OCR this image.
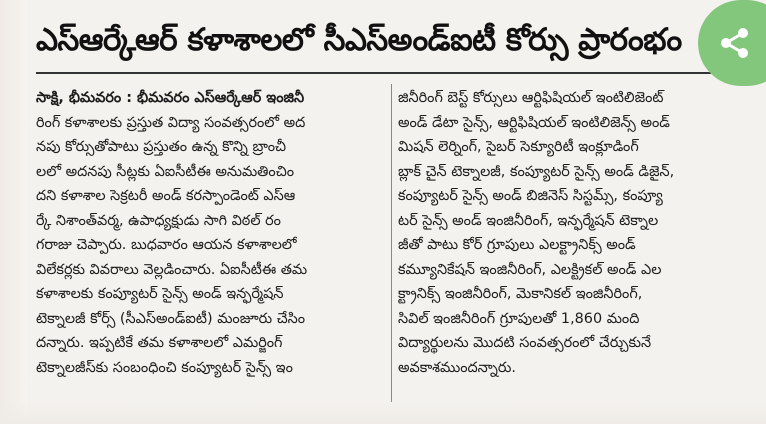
ఎస్ఆర్కేఆర్ కళాశాలలో సీఎస్అండ్ఐటీ కోర్సు ప్రారంభం
సాక్షి, భీమవరం : భీమవరం ఎస్ఆర్కేఆర్ ఇంజినీ
రింగ్ కళాశాలకు ప్రస్తుత విద్యా సంవత్సరంలో అద
నపు కోర్సుతోపాటు ప్రస్తుతం ఉన్న కొన్ని బ్రాంచీ
లలో అదనపు సీట్లకు ఏఐసీటీఈ అనుమతించిం
దని కళాశాల సెక్రటరీ అండ్ కరస్పాండెంట్ ఎస్ఆ
ర్కే నిశాంత్‌వర్మ, ఉపాధ్యక్షుడు సాగి విఠల్ రం
గరాజు చెప్పారు. బుధవారం ఆయన కళాశాలలో
విలేకర్లకు వివరాలు వెల్లడించారు. ఏఐసీటీఈ తమ
కళాశాలకు కంప్యూటర్ సైన్స్ అండ్ ఇన్ఫర్మేషన్
టెక్నాలజీ కోర్స్ (సీఎస్‌అండ్‌ఐటీ) మంజూరు చేసిం
దన్నారు. ఇప్పటికే తమ కళాశాలలో ఎమర్జింగ్
టెక్నాలజీస్‌కు సంబంధించి కంప్యూటర్ సైన్స్ ఇం
జినీరింగ్ బెస్ట్ కోర్సులు ఆర్టిఫిషియల్ ఇంటిలిజెంట్
అండ్ డేటా సైన్స్, ఆర్టిఫిషియల్ ఇంటిలిజెన్స్ అండ్
మిషన్ లెర్నింగ్, సైబర్ సెక్యూరిటీ ఇంక్లూడింగ్
బ్లాక్ చైన్ టెక్నాలజీ, కంప్యూటర్ సైన్స్ అండ్ డిజైన్,
కంప్యూటర్ సైన్స్ అండ్ బిజినెస్ సిస్టమ్స్, కంప్యూ
టర్ సైన్స్ అండ్ ఇంజినీరింగ్, ఇన్ఫర్మేషన్ టెక్నాల
జీతో పాటు కోర్ గ్రూపులు ఎలక్ట్రానిక్స్ అండ్
కమ్యూనికేషన్ ఇంజినీరింగ్, ఎలక్ట్రికల్ అండ్ ఎల
క్ట్రానిక్స్ ఇంజినీరింగ్, మెకానికల్ ఇంజినీరింగ్,
సివిల్ ఇంజినీరింగ్ గ్రూపులతో 1,860 మంది
విద్యార్థులను మొదటి సంవత్సరంలో చేర్చుకునే
అవకాశముందన్నారు.
